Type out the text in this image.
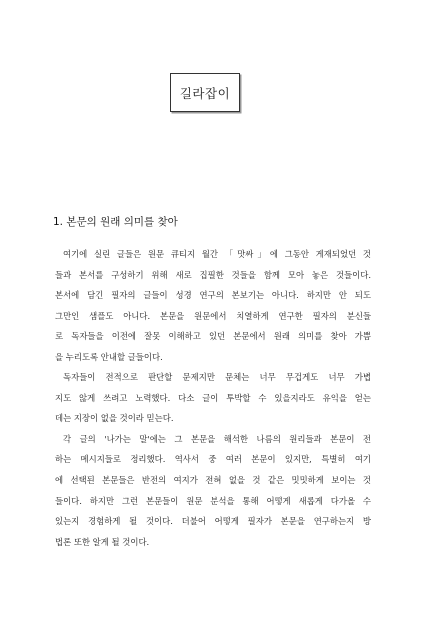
길라잡이
1. 본문의 원래 의미를 찾아
여기에 실린 글들은 원문 큐티지 월간 「맛싸」에 그동안 게재되었던 것
들과 본서를 구성하기 위해 새로 집필한 것들을 함께 모아 놓은 것들이다.
본서에 담긴 필자의 글들이 성경 연구의 본보기는 아니다. 하지만 안 되도
그만인 샘플도 아니다. 본문을 원문에서 치열하게 연구한 필자의 분신들
로 독자들을 이전에 잘못 이해하고 있던 본문에서 원래 의미를 찾아 가쁨
을 누리도록 안내할 글들이다.
독자들이 전적으로 판단할 문제지만 문체는 너무 무겁게도 너무 가볍
지도 않게 쓰려고 노력했다. 다소 글이 투박할 수 있을지라도 유익을 얻는
데는 지장이 없을 것이라 믿는다.
각 글의 '나가는 말'에는 그 본문을 해석한 나름의 원리들과 본문이 전
하는 메시지들로 정리했다. 역사서 중 여러 본문이 있지만, 특별히 여기
에 선택된 본문들은 반전의 여지가 전혀 없을 것 같은 밋밋하게 보이는 것
들이다. 하지만 그런 본문들이 원문 분석을 통해 어떻게 새롭게 다가올 수
있는지 경험하게 될 것이다. 더불어 어떻게 필자가 본문을 연구하는지 방
법론 또한 알게 될 것이다.
